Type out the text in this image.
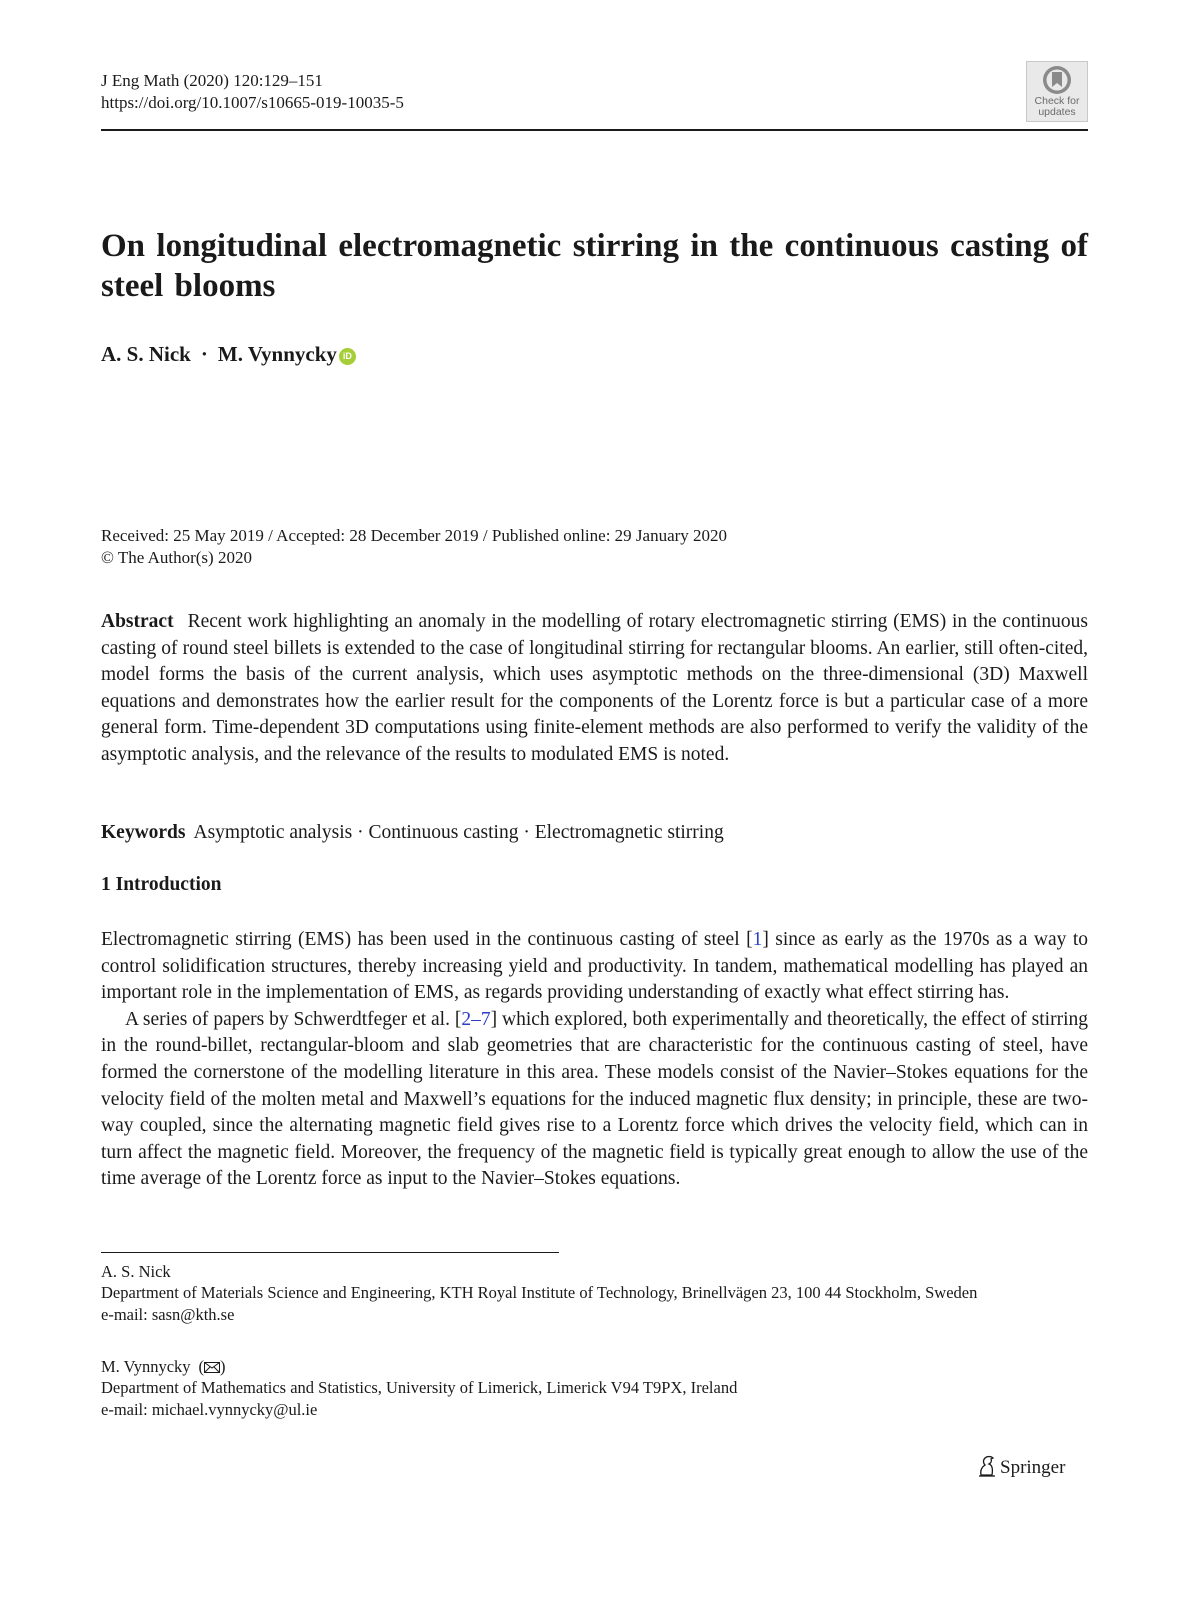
J Eng Math (2020) 120:129–151
https://doi.org/10.1007/s10665-019-10035-5	Check for
updates
On longitudinal electromagnetic stirring in the continuous casting of steel blooms
A. S. Nick · M. Vynnycky iD
Received: 25 May 2019 / Accepted: 28 December 2019 / Published online: 29 January 2020
© The Author(s) 2020

Abstract Recent work highlighting an anomaly in the modelling of rotary electromagnetic stirring (EMS) in the continuous casting of round steel billets is extended to the case of longitudinal stirring for rectangular blooms. An earlier, still often-cited, model forms the basis of the current analysis, which uses asymptotic methods on the three-dimensional (3D) Maxwell equations and demonstrates how the earlier result for the components of the Lorentz force is but a particular case of a more general form. Time-dependent 3D computations using finite-element methods are also performed to verify the validity of the asymptotic analysis, and the relevance of the results to modulated EMS is noted.

Keywords Asymptotic analysis · Continuous casting · Electromagnetic stirring
1 Introduction

Electromagnetic stirring (EMS) has been used in the continuous casting of steel [1] since as early as the 1970s as a way to control solidification structures, thereby increasing yield and productivity. In tandem, mathematical modelling has played an important role in the implementation of EMS, as regards providing understanding of exactly what effect stirring has.

A series of papers by Schwerdtfeger et al. [2–7] which explored, both experimentally and theoretically, the effect of stirring in the round-billet, rectangular-bloom and slab geometries that are characteristic for the continuous casting of steel, have formed the cornerstone of the modelling literature in this area. These models consist of the Navier–Stokes equations for the velocity field of the molten metal and Maxwell’s equations for the induced magnetic flux density; in principle, these are two-way coupled, since the alternating magnetic field gives rise to a Lorentz force which drives the velocity field, which can in turn affect the magnetic field. Moreover, the frequency of the magnetic field is typically great enough to allow the use of the time average of the Lorentz force as input to the Navier–Stokes equations.

A. S. Nick
Department of Materials Science and Engineering, KTH Royal Institute of Technology, Brinellvägen 23, 100 44 Stockholm, Sweden
e-mail: sasn@kth.se
M. Vynnycky ( )
Department of Mathematics and Statistics, University of Limerick, Limerick V94 T9PX, Ireland
e-mail: michael.vynnycky@ul.ie
Springer
